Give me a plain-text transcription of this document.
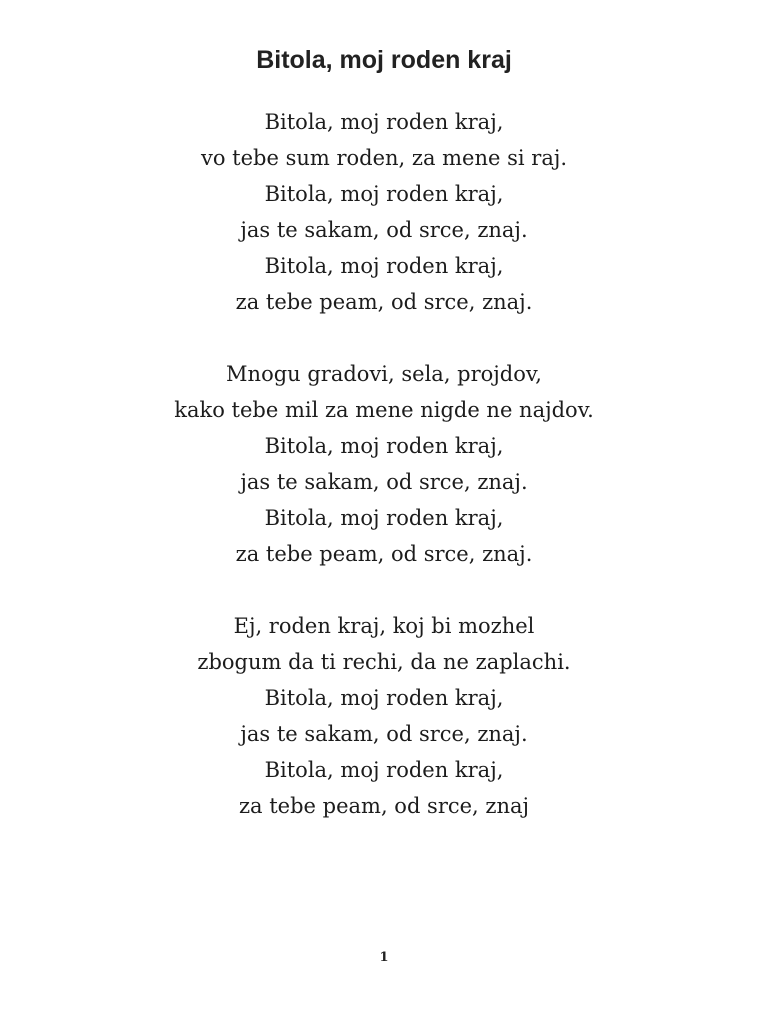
Bitola, moj roden kraj
Bitola, moj roden kraj,
vo tebe sum roden, za mene si raj.
Bitola, moj roden kraj,
jas te sakam, od srce, znaj.
Bitola, moj roden kraj,
za tebe peam, od srce, znaj.
Mnogu gradovi, sela, projdov,
kako tebe mil za mene nigde ne najdov.
Bitola, moj roden kraj,
jas te sakam, od srce, znaj.
Bitola, moj roden kraj,
za tebe peam, od srce, znaj.
Ej, roden kraj, koj bi mozhel
zbogum da ti rechi, da ne zaplachi.
Bitola, moj roden kraj,
jas te sakam, od srce, znaj.
Bitola, moj roden kraj,
za tebe peam, od srce, znaj
1
